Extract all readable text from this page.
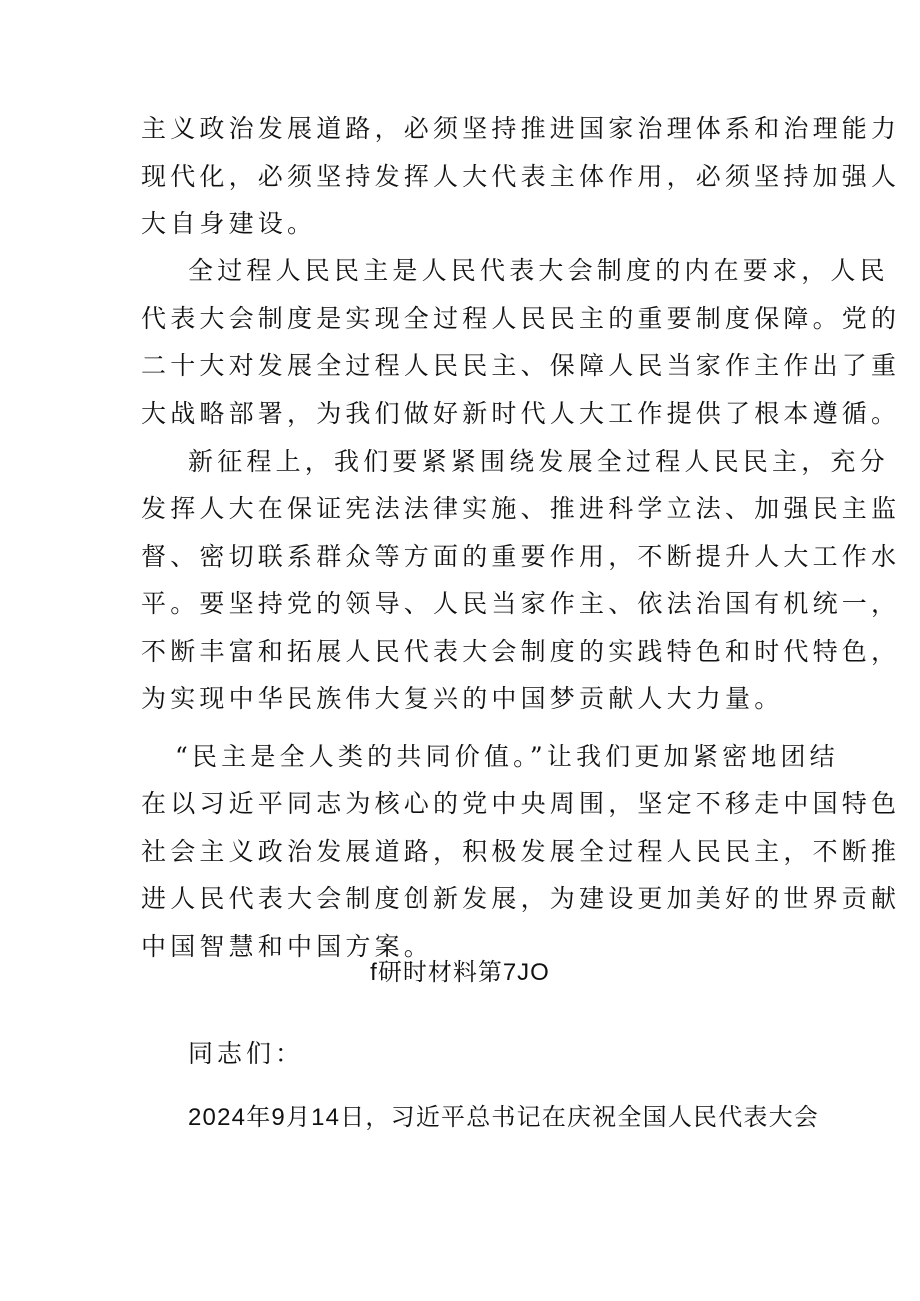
主义政治发展道路，必须坚持推进国家治理体系和治理能力
现代化，必须坚持发挥人大代表主体作用，必须坚持加强人
大自身建设。
全过程人民民主是人民代表大会制度的内在要求，人民
代表大会制度是实现全过程人民民主的重要制度保障。党的
二十大对发展全过程人民民主、保障人民当家作主作出了重
大战略部署，为我们做好新时代人大工作提供了根本遵循。
新征程上，我们要紧紧围绕发展全过程人民民主，充分
发挥人大在保证宪法法律实施、推进科学立法、加强民主监
督、密切联系群众等方面的重要作用，不断提升人大工作水
平。要坚持党的领导、人民当家作主、依法治国有机统一，
不断丰富和拓展人民代表大会制度的实践特色和时代特色，
为实现中华民族伟大复兴的中国梦贡献人大力量。
“民主是全人类的共同价值。”让我们更加紧密地团结
在以习近平同志为核心的党中央周围，坚定不移走中国特色
社会主义政治发展道路，积极发展全过程人民民主，不断推
进人民代表大会制度创新发展，为建设更加美好的世界贡献
中国智慧和中国方案。
f研时材料第7JO
同志们：
2024年9月14日，习近平总书记在庆祝全国人民代表大会
